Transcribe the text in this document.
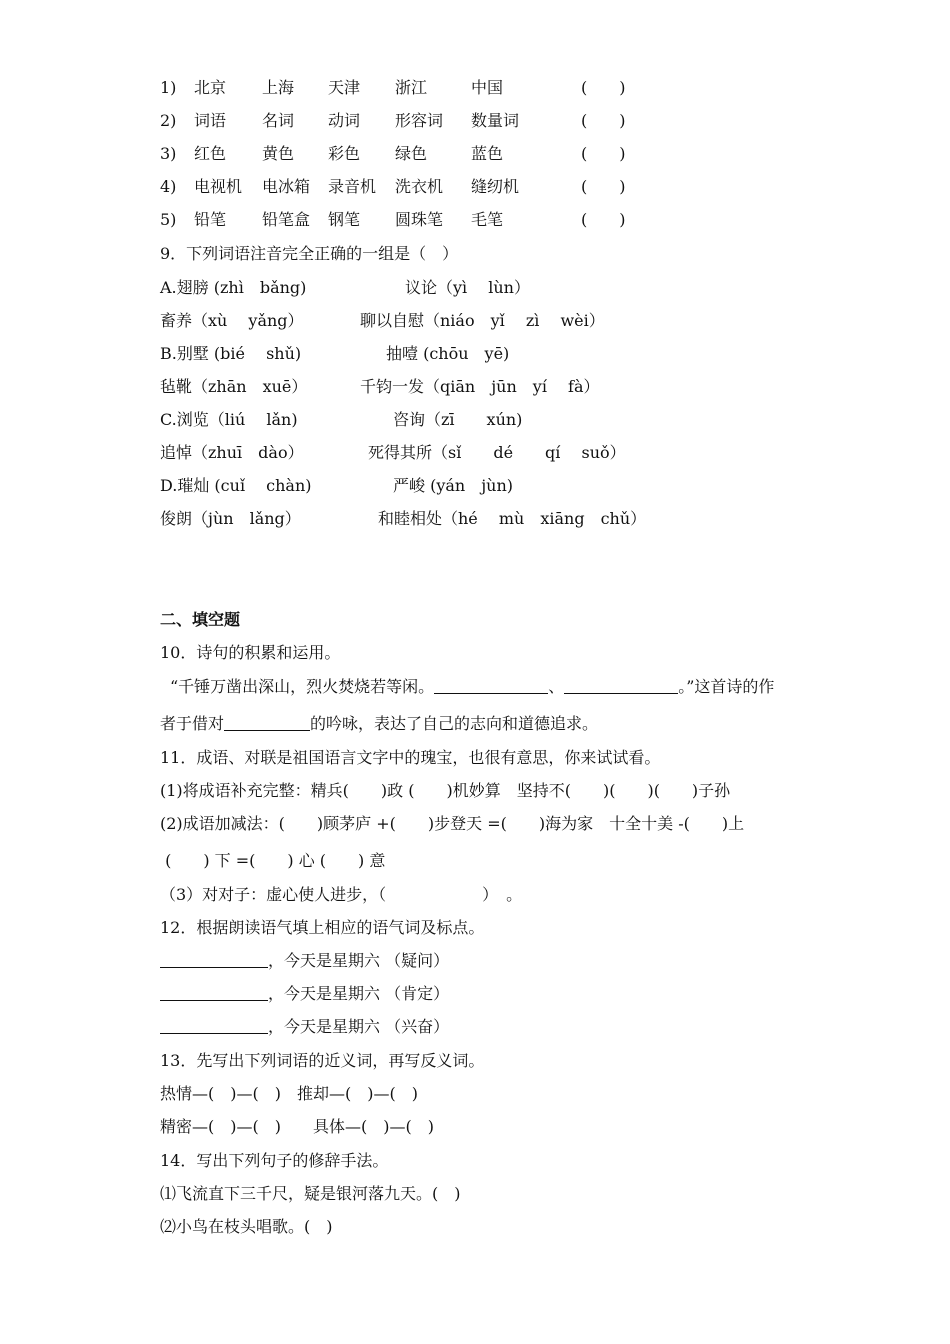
1) 北京 上海 天津 浙江	中国	(　　)
2) 词语 名词 动词 形容词 数量词	(　　)
3) 红色 黄色 彩色 绿色	蓝色	(　　)
4) 电视机 电冰箱 录音机 洗衣机 缝纫机	(　　)
5) 铅笔 铅笔盒 钢笔 圆珠笔 毛笔	(　　)
9．下列词语注音完全正确的一组是（　）
A.翅膀 (zhì　bǎng)	议论（yì　 lùn）
畜养（xù　 yǎng）	聊以自慰（niáo　yǐ　 zì　 wèi）
B.别墅 (bié　 shǔ)	抽噎 (chōu　yē)
毡靴（zhān　xuē）	千钧一发（qiān　jūn　yí　 fà）
C.浏览（liú　 lǎn)	咨询（zī　　xún)
追悼（zhuī　dào）	死得其所（sǐ　　dé　　qí　 suǒ）
D.璀灿 (cuǐ　 chàn)	严峻 (yán　jùn)
俊朗（jùn　lǎng）	和睦相处（hé　 mù　xiāng　chǔ）
二、填空题
10．诗句的积累和运用。
“千锤万凿出深山，烈火焚烧若等闲。	、	。”这首诗的作
者于借对	的吟咏，表达了自己的志向和道德追求。
11．成语、对联是祖国语言文字中的瑰宝，也很有意思，你来试试看。
(1)将成语补充完整：精兵(　　)政 (　　)机妙算　坚持不(　　)(　　)(　　)子孙
(2)成语加减法：(　　)顾茅庐 +(　　)步登天 =(　　)海为家　十全十美 -(　　)上
(　　) 下 =(　　) 心 (　　) 意
（3）对对子：虚心使人进步，（　　　　　　）　。
12．根据朗读语气填上相应的语气词及标点。
，今天是星期六 （疑问）
，今天是星期六 （肯定）
，今天是星期六 （兴奋）
13．先写出下列词语的近义词，再写反义词。
热情—(　)—(　)　推却—(　)—(　)
精密—(　)—(　)　　具体—(　)—(　)
14．写出下列句子的修辞手法。
⑴飞流直下三千尺，疑是银河落九天。(　)
⑵小鸟在枝头唱歌。(　)
